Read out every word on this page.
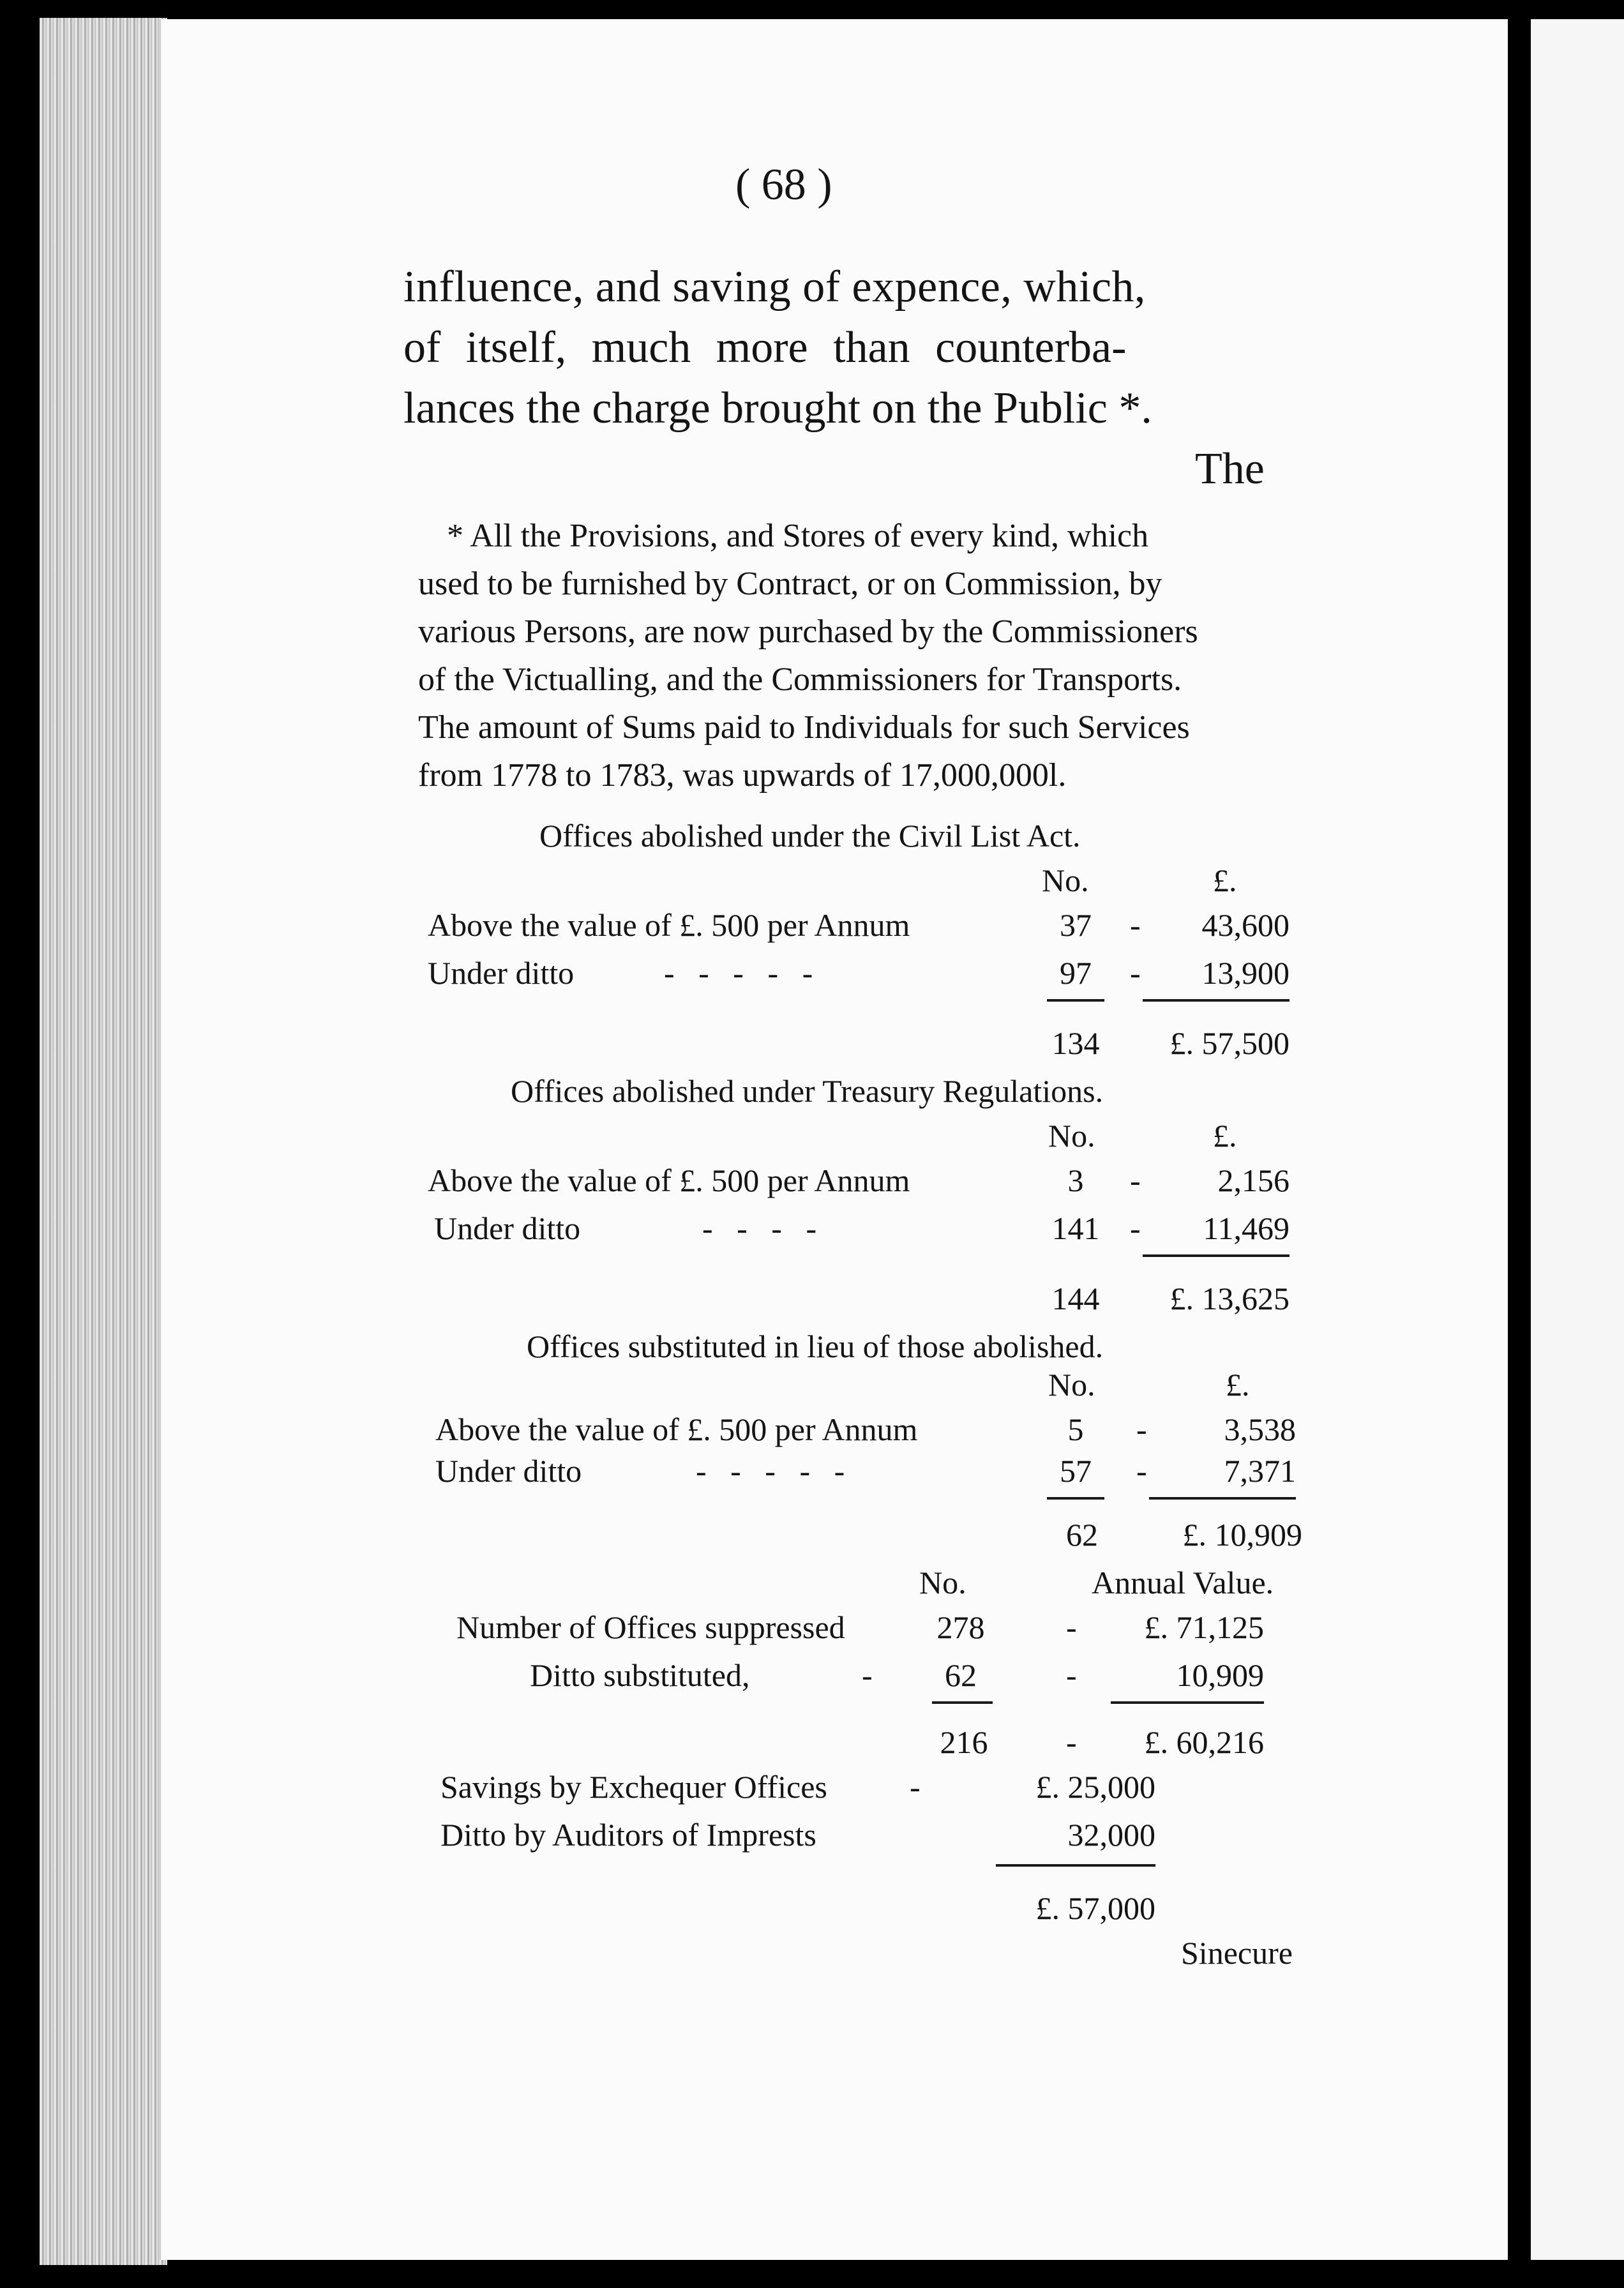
( 68 )
influence, and saving of expence, which,
of itself, much more than counterba-
lances the charge brought on the Public *.
The
* All the Provisions, and Stores of every kind, which
used to be furnished by Contract, or on Commission, by
various Persons, are now purchased by the Commissioners
of the Victualling, and the Commissioners for Transports.
The amount of Sums paid to Individuals for such Services
from 1778 to 1783, was upwards of 17,000,000l.
Offices abolished under the Civil List Act.
No.	£.
Above the value of £. 500 per Annum	37 -	43,600
Under ditto	-   -   -   -   -	97 -	13,900
134	£. 57,500
Offices abolished under Treasury Regulations.
No.	£.
Above the value of £. 500 per Annum	3	-	2,156
Under ditto	-   -   -   -	141 -	11,469
144	£. 13,625
Offices substituted in lieu of those abolished.
No.	£.
Above the value of £. 500 per Annum	5	-	3,538
Under ditto	-   -   -   -   -	57 -	7,371
62	£. 10,909
No.	Annual Value.
Number of Offices suppressed	278	-	£. 71,125
Ditto substituted,	-	62	-	10,909
216 -	£. 60,216
Savings by Exchequer Offices	-	£. 25,000
Ditto by Auditors of Imprests	32,000
£. 57,000
Sinecure
